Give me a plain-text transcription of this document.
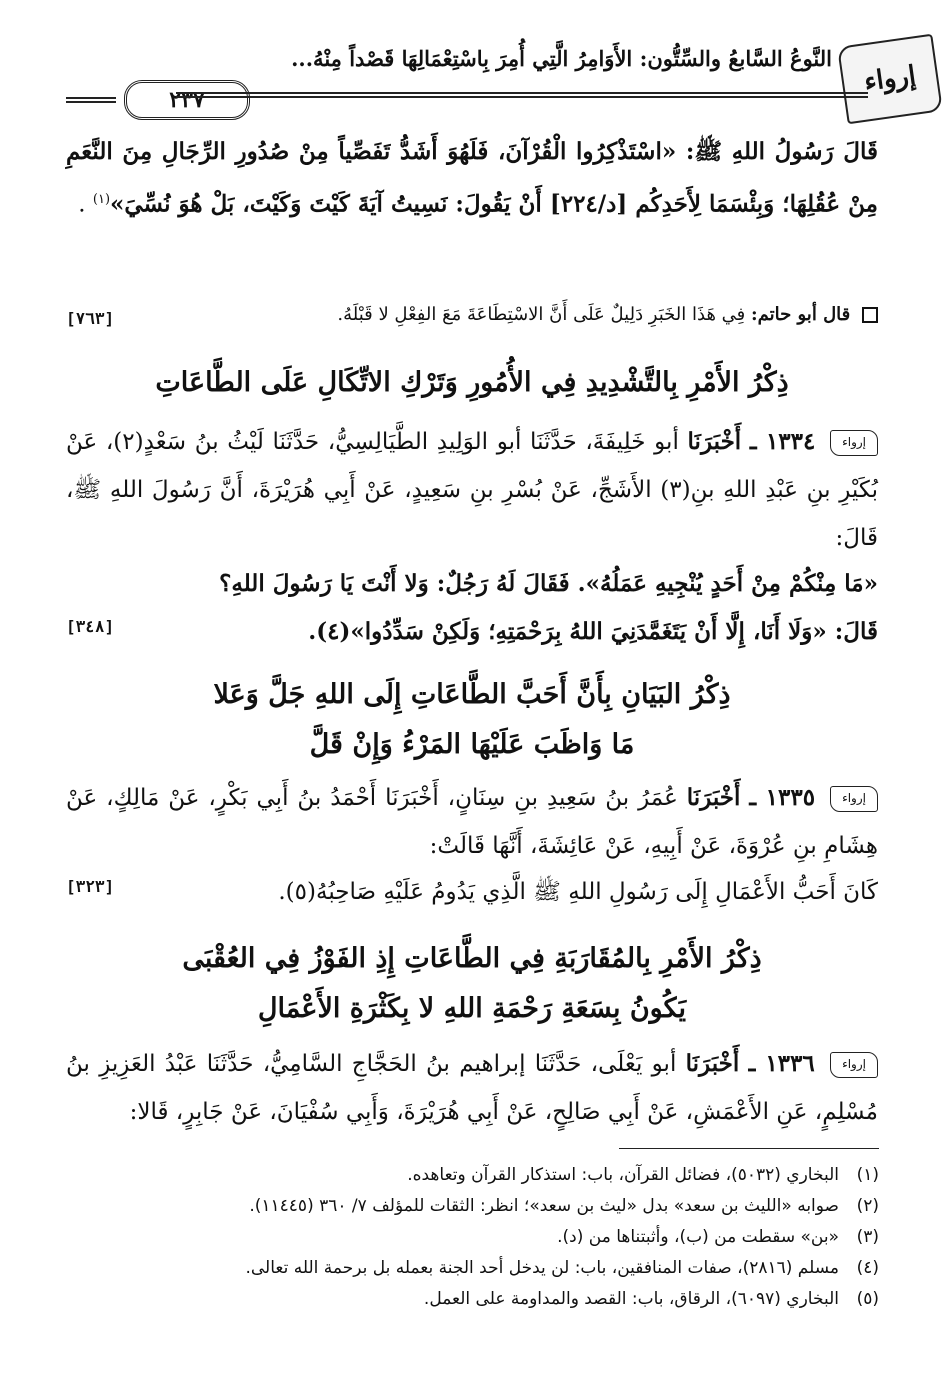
إرواء
النَّوعُ السَّابعُ والسِّتُّون: الأَوَامِرُ الَّتِي أُمِرَ بِاسْتِعْمَالِهَا قَصْداً مِنْهُ...
٢٣٧
قَالَ رَسُولُ اللهِ ﷺ: «اسْتَذْكِرُوا الْقُرْآنَ، فَلَهُوَ أَشَدُّ تَفَصِّياً مِنْ صُدُورِ الرِّجَالِ مِنَ النَّعَمِ مِنْ عُقُلِهَا؛ وَبِئْسَمَا لِأَحَدِكُم [د/٢٢٤] أَنْ يَقُولَ: نَسِيتُ آيَةَ كَيْتَ وَكَيْتَ، بَلْ هُوَ نُسِّيَ»$^{(١)}$ .
[٧٦٣]	قال أبو حاتم: فِي هَذَا الخَبَرِ دَلِيلٌ عَلَى أَنَّ الاسْتِطَاعَةَ مَعَ الفِعْلِ لا قَبْلَهُ.
ذِكْرُ الأَمْرِ بِالتَّشْدِيدِ فِي الأُمُورِ وَتَرْكِ الاتِّكَالِ عَلَى الطَّاعَاتِ
إرواء ١٣٣٤ ـ أَخْبَرَنَا أبو خَلِيفَةَ، حَدَّثَنَا أبو الوَلِيدِ الطَّيَالِسِيُّ، حَدَّثَنَا لَيْثُ بنُ سَعْدٍ(٢)، عَنْ بُكَيْرِ بنِ عَبْدِ اللهِ بنِ(٣) الأَشَجِّ، عَنْ بُسْرِ بنِ سَعِيدٍ، عَنْ أَبِي هُرَيْرَةَ، أَنَّ رَسُولَ اللهِ ﷺ، قَالَ:
«مَا مِنْكُمْ مِنْ أَحَدٍ يُنْجِيهِ عَمَلُهُ». فَقَالَ لَهُ رَجُلٌ: وَلا أَنْتَ يَا رَسُولَ اللهِ؟
[٣٤٨]	قَالَ: «وَلَا أَنَا، إِلَّا أَنْ يَتَغَمَّدَنِيَ اللهُ بِرَحْمَتِهِ؛ وَلَكِنْ سَدِّدُوا»(٤).
ذِكْرُ البَيَانِ بِأَنَّ أَحَبَّ الطَّاعَاتِ إِلَى اللهِ جَلَّ وَعَلا
مَا وَاظَبَ عَلَيْهَا المَرْءُ وَإِنْ قَلَّ
إرواء ١٣٣٥ ـ أَخْبَرَنَا عُمَرُ بنُ سَعِيدِ بنِ سِنَانٍ، أَخْبَرَنَا أَحْمَدُ بنُ أَبِي بَكْرٍ، عَنْ مَالِكٍ، عَنْ هِشَامِ بنِ عُرْوَةَ، عَنْ أَبِيهِ، عَنْ عَائِشَةَ، أَنَّهَا قَالَتْ:
[٣٢٣]	كَانَ أَحَبُّ الأَعْمَالِ إِلَى رَسُولِ اللهِ ﷺ الَّذِي يَدُومُ عَلَيْهِ صَاحِبُهُ(٥).
ذِكْرُ الأَمْرِ بِالمُقَارَبَةِ فِي الطَّاعَاتِ إِذِ الفَوْزُ فِي العُقْبَى
يَكُونُ بِسَعَةِ رَحْمَةِ اللهِ لا بِكَثْرَةِ الأَعْمَالِ
إرواء ١٣٣٦ ـ أَخْبَرَنَا أبو يَعْلَى، حَدَّثَنَا إبراهيم بنُ الحَجَّاجِ السَّامِيُّ، حَدَّثَنَا عَبْدُ العَزِيزِ بنُ مُسْلِمٍ، عَنِ الأَعْمَشِ، عَنْ أَبِي صَالِحٍ، عَنْ أَبِي هُرَيْرَةَ، وَأَبِي سُفْيَانَ، عَنْ جَابِرٍ، قَالا:
(١)البخاري (٥٠٣٢)، فضائل القرآن، باب: استذكار القرآن وتعاهده.
(٢)صوابه «الليث بن سعد» بدل «ليث بن سعد»؛ انظر: الثقات للمؤلف ٧/ ٣٦٠ (١١٤٤٥).
(٣)«بن» سقطت من (ب)، وأثبتناها من (د).
(٤)مسلم (٢٨١٦)، صفات المنافقين، باب: لن يدخل أحد الجنة بعمله بل برحمة الله تعالى.
(٥)البخاري (٦٠٩٧)، الرقاق، باب: القصد والمداومة على العمل.
